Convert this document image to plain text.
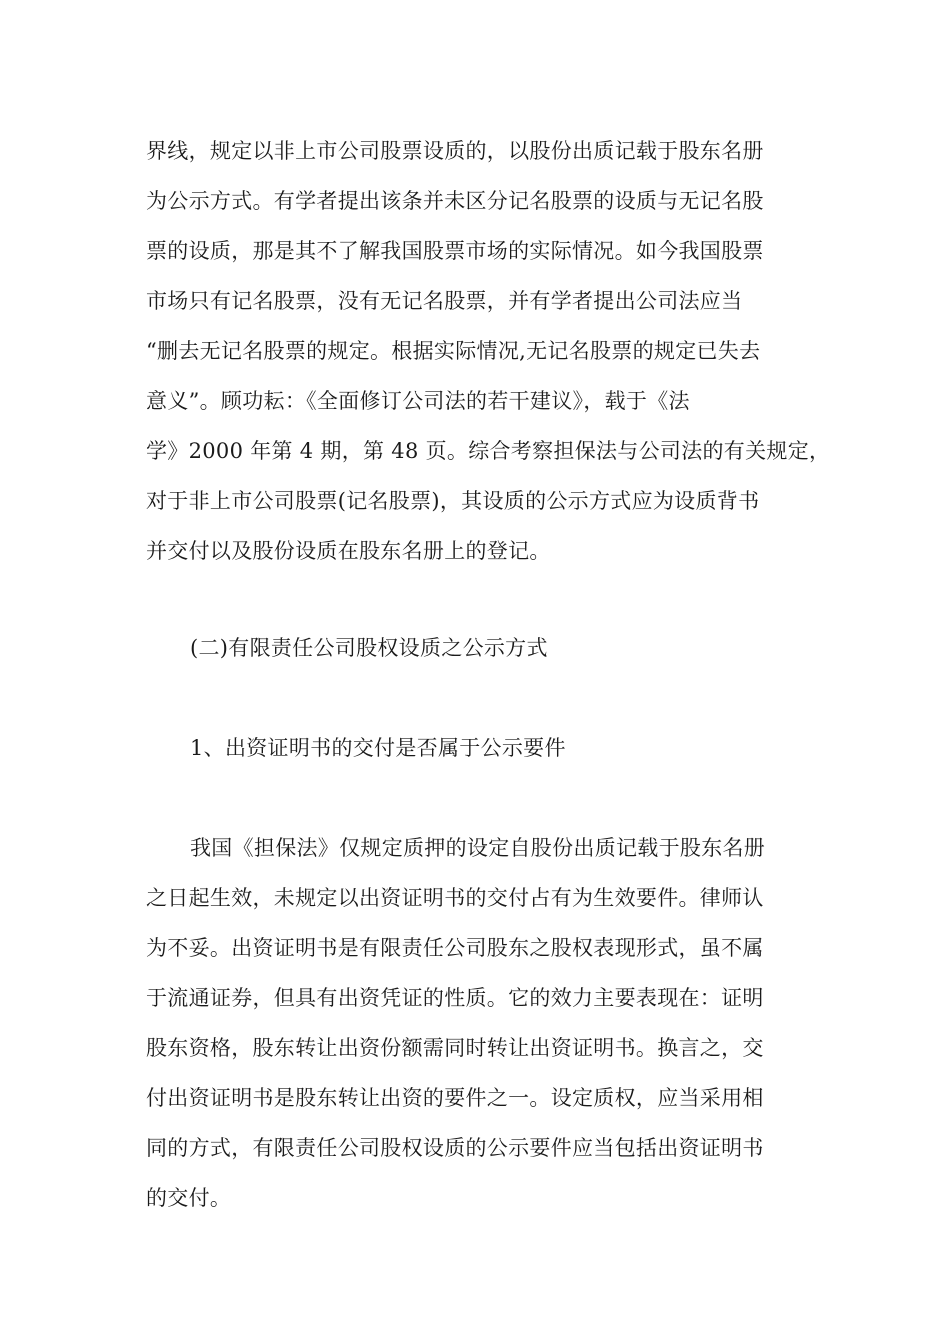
界线，规定以非上市公司股票设质的，以股份出质记载于股东名册
为公示方式。有学者提出该条并未区分记名股票的设质与无记名股
票的设质，那是其不了解我国股票市场的实际情况。如今我国股票
市场只有记名股票，没有无记名股票，并有学者提出公司法应当
“删去无记名股票的规定。根据实际情况,无记名股票的规定已失去
意义”。顾功耘：《全面修订公司法的若干建议》，载于《法
学》2000 年第 4 期，第 48 页。综合考察担保法与公司法的有关规定，
对于非上市公司股票(记名股票)，其设质的公示方式应为设质背书
并交付以及股份设质在股东名册上的登记。
(二)有限责任公司股权设质之公示方式
1、出资证明书的交付是否属于公示要件
我国《担保法》仅规定质押的设定自股份出质记载于股东名册
之日起生效，未规定以出资证明书的交付占有为生效要件。律师认
为不妥。出资证明书是有限责任公司股东之股权表现形式，虽不属
于流通证券，但具有出资凭证的性质。它的效力主要表现在：证明
股东资格，股东转让出资份额需同时转让出资证明书。换言之，交
付出资证明书是股东转让出资的要件之一。设定质权，应当采用相
同的方式，有限责任公司股权设质的公示要件应当包括出资证明书
的交付。
